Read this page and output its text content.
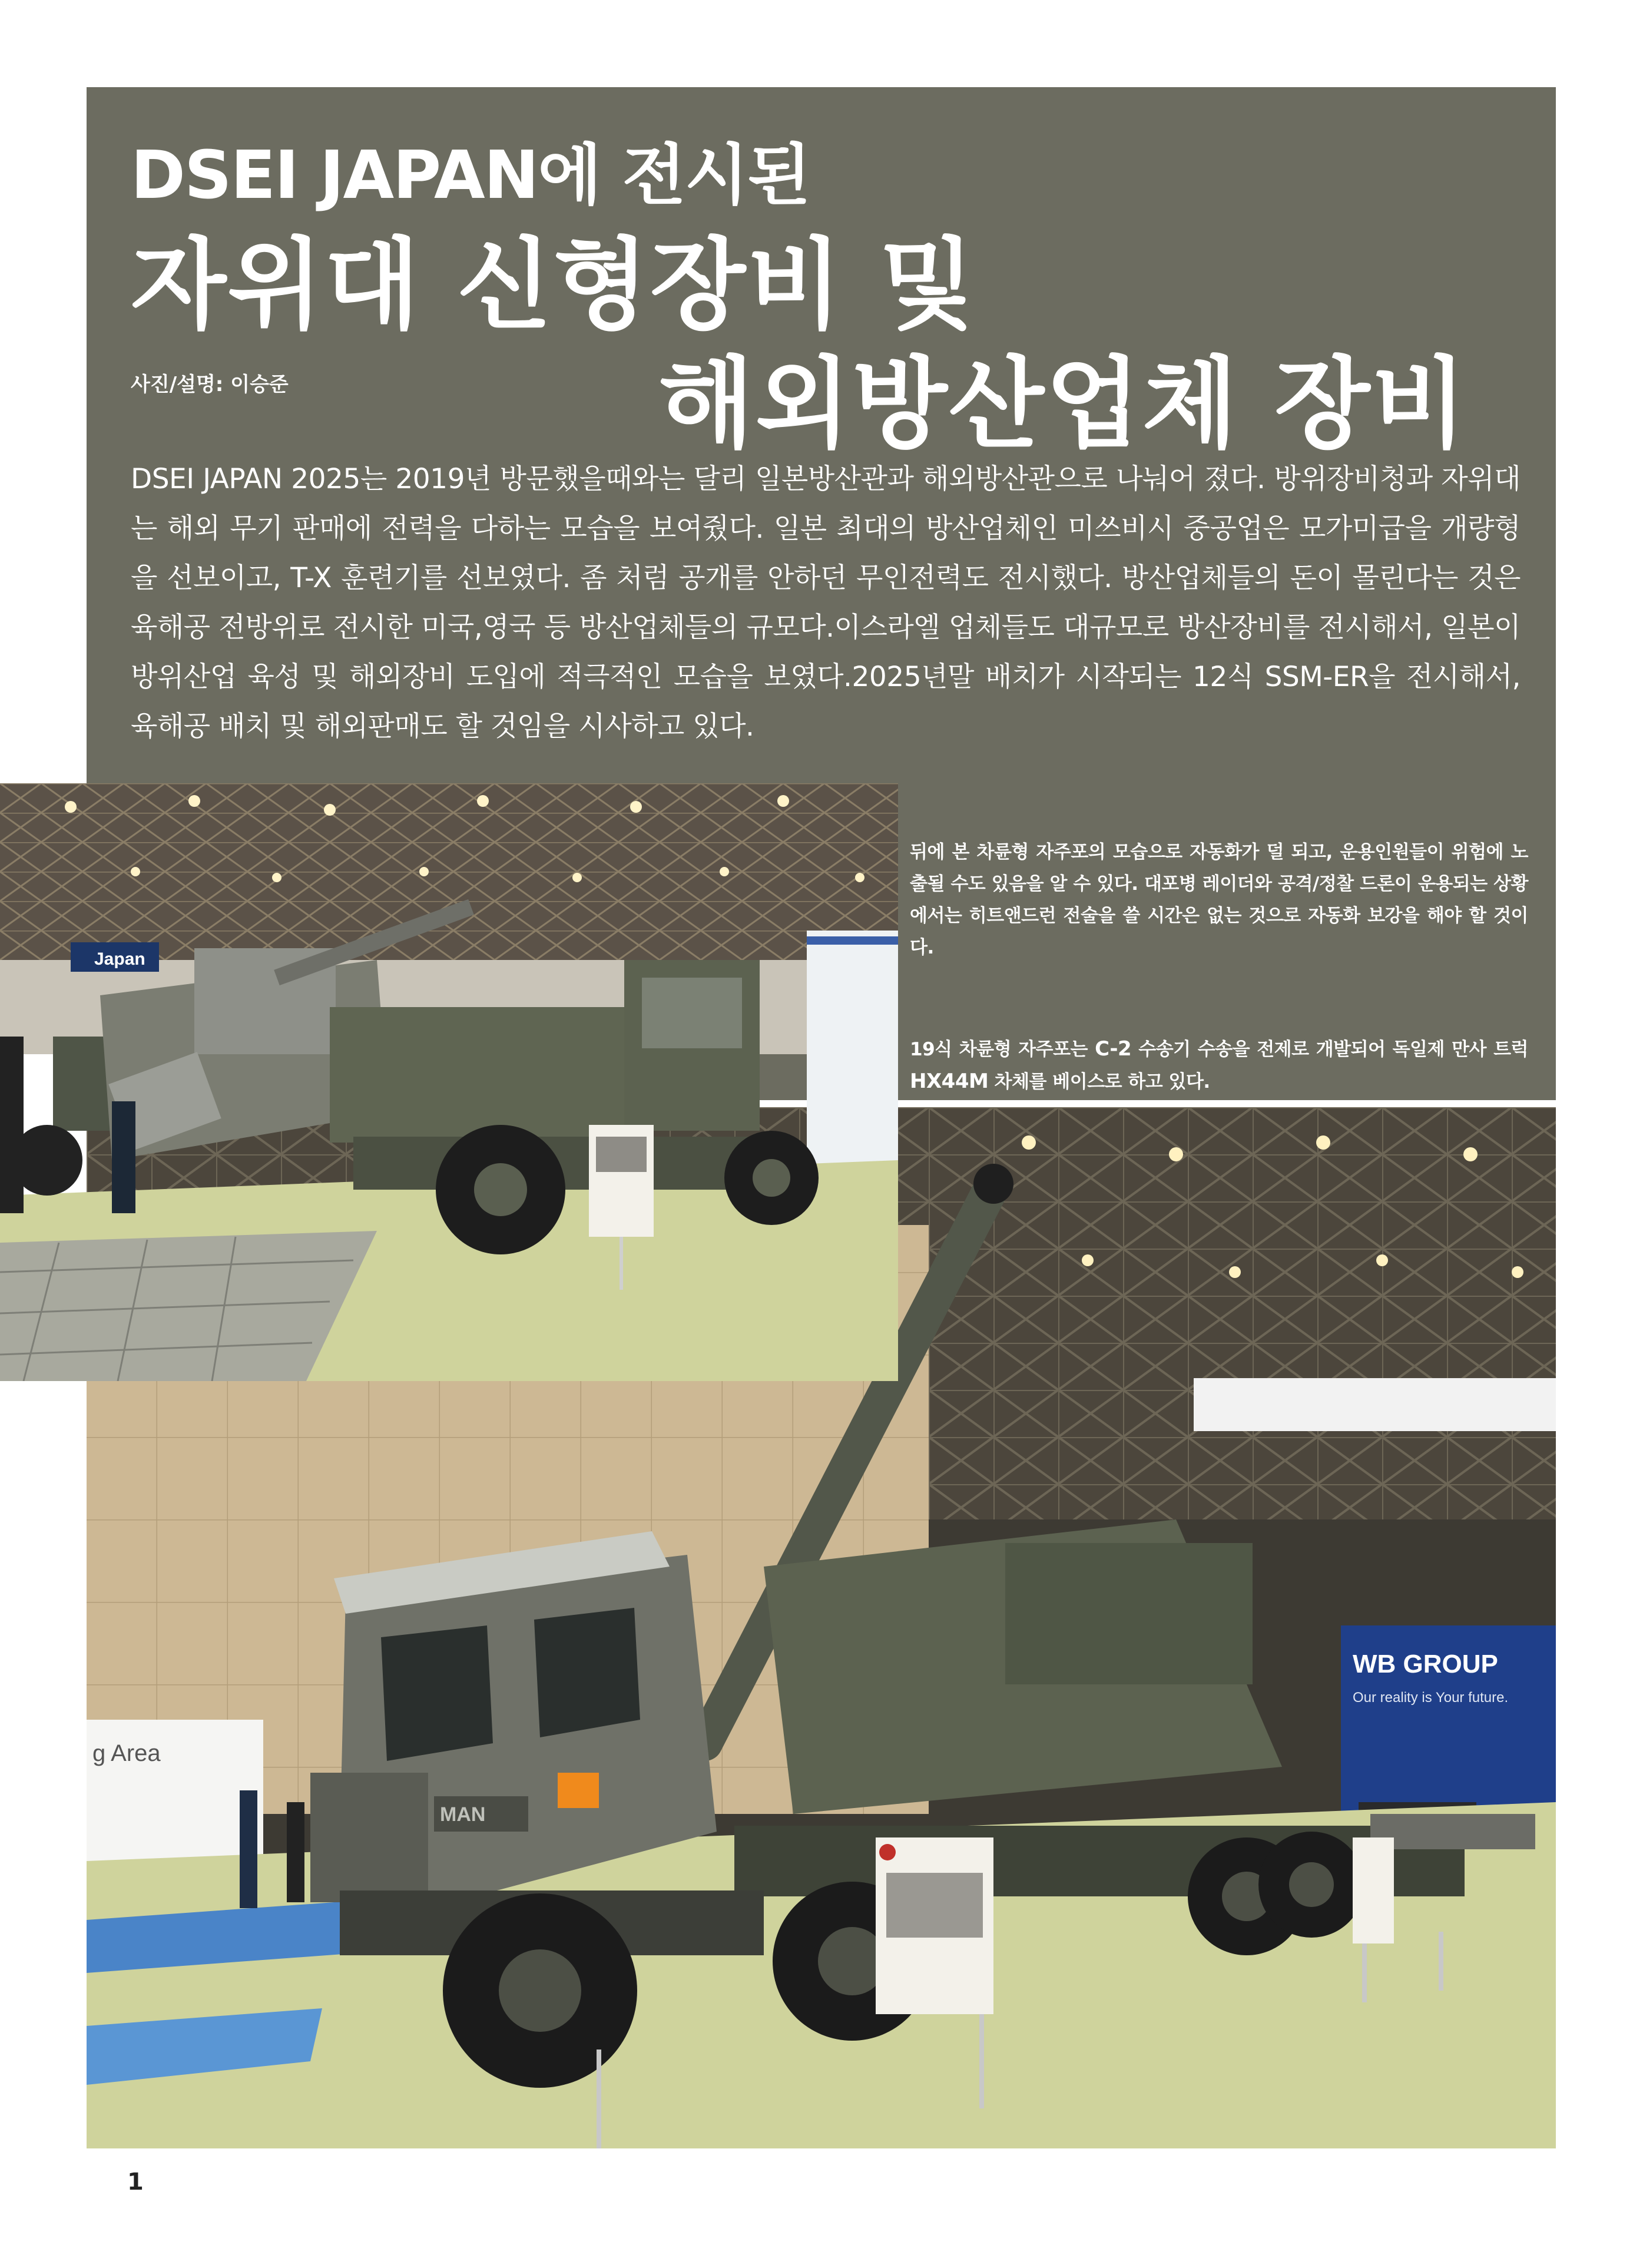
DSEI JAPAN에 전시된
자위대 신형장비 및
해외방산업체 장비
사진/설명: 이승준
DSEI JAPAN 2025는 2019년 방문했을때와는 달리 일본방산관과 해외방산관으로 나눠어 졌다. 방위장비청과 자위대는 해외 무기 판매에 전력을 다하는 모습을 보여줬다. 일본 최대의 방산업체인 미쓰비시 중공업은 모가미급을 개량형을 선보이고, T-X 훈련기를 선보였다. 좀 처럼 공개를 안하던 무인전력도 전시했다. 방산업체들의 돈이 몰린다는 것은 육해공 전방위로 전시한 미국,영국 등 방산업체들의 규모다.이스라엘 업체들도 대규모로 방산장비를 전시해서, 일본이 방위산업 육성 및 해외장비 도입에 적극적인 모습을 보였다.2025년말 배치가 시작되는 12식 SSM-ER을 전시해서, 육해공 배치 및 해외판매도 할 것임을 시사하고 있다.
뒤에 본 차륜형 자주포의 모습으로 자동화가 덜 되고, 운용인원들이 위험에 노출될 수도 있음을 알 수 있다. 대포병 레이더와 공격/정찰 드론이 운용되는 상황에서는 히트앤드런 전술을 쓸 시간은 없는 것으로 자동화 보강을 해야 할 것이다.
19식 차륜형 자주포는 C-2 수송기 수송을 전제로 개발되어 독일제 만사 트럭 HX44M 차체를 베이스로 하고 있다.
Japan
g Area
WB GROUP
Our reality is Your future.
MAN
1
